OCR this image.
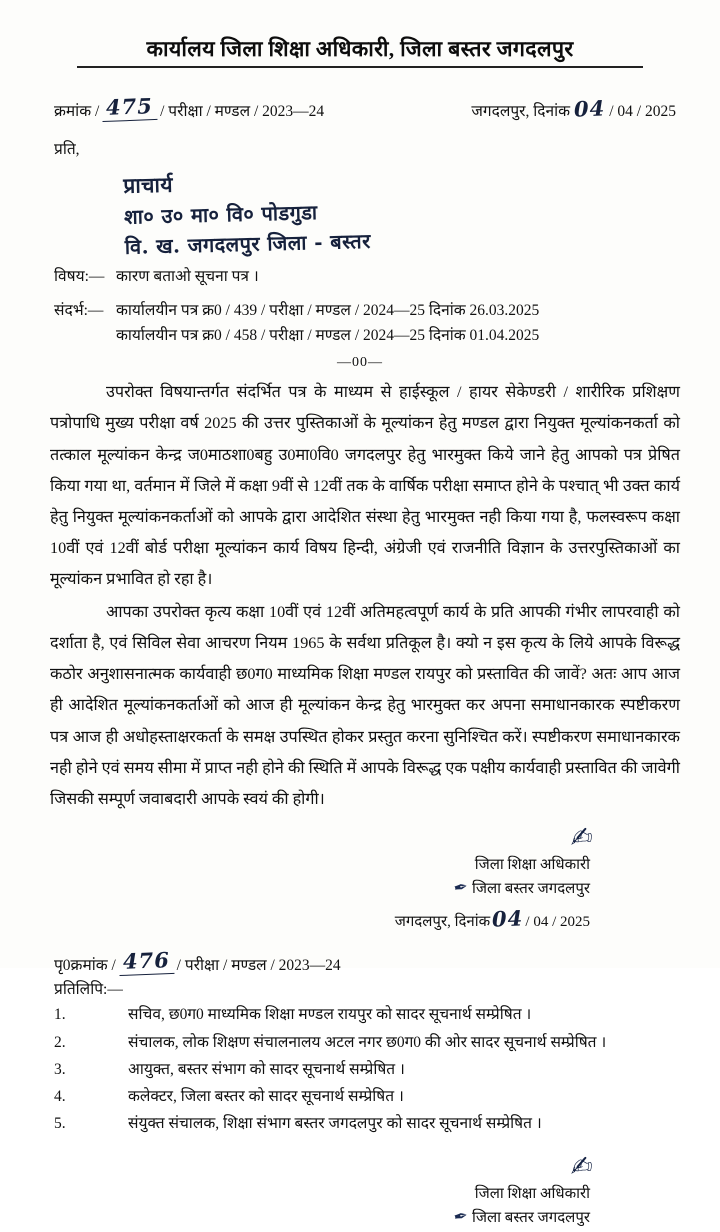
कार्यालय जिला शिक्षा अधिकारी, जिला बस्तर जगदलपुर
क्रमांक / 475 / परीक्षा / मण्डल / 2023—24	जगदलपुर, दिनांक 04 / 04 / 2025
प्रति,
प्राचार्य
शा० उ० मा० वि० पोडगुडा
वि. ख. जगदलपुर जिला - बस्तर
विषय:— कारण बताओ सूचना पत्र ।
संदर्भ:— कार्यालयीन पत्र क्र0 / 439 / परीक्षा / मण्डल / 2024—25 दिनांक 26.03.2025
कार्यालयीन पत्र क्र0 / 458 / परीक्षा / मण्डल / 2024—25 दिनांक 01.04.2025
—00—

उपरोक्त विषयान्तर्गत संदर्भित पत्र के माध्यम से हाईस्कूल / हायर सेकेण्डरी / शारीरिक प्रशिक्षण पत्रोपाधि मुख्य परीक्षा वर्ष 2025 की उत्तर पुस्तिकाओं के मूल्यांकन हेतु मण्डल द्वारा नियुक्त मूल्यांकनकर्ता को तत्काल मूल्यांकन केन्द्र ज0माठशा0बहु उ0मा0वि0 जगदलपुर हेतु भारमुक्त किये जाने हेतु आपको पत्र प्रेषित किया गया था, वर्तमान में जिले में कक्षा 9वीं से 12वीं तक के वार्षिक परीक्षा समाप्त होने के पश्चात् भी उक्त कार्य हेतु नियुक्त मूल्यांकनकर्ताओं को आपके द्वारा आदेशित संस्था हेतु भारमुक्त नही किया गया है, फलस्वरूप कक्षा 10वीं एवं 12वीं बोर्ड परीक्षा मूल्यांकन कार्य विषय हिन्दी, अंग्रेजी एवं राजनीति विज्ञान के उत्तरपुस्तिकाओं का मूल्यांकन प्रभावित हो रहा है।

आपका उपरोक्त कृत्य कक्षा 10वीं एवं 12वीं अतिमहत्वपूर्ण कार्य के प्रति आपकी गंभीर लापरवाही को दर्शाता है, एवं सिविल सेवा आचरण नियम 1965 के सर्वथा प्रतिकूल है। क्यो न इस कृत्य के लिये आपके विरूद्ध कठोर अनुशासनात्मक कार्यवाही छ0ग0 माध्यमिक शिक्षा मण्डल रायपुर को प्रस्तावित की जावें? अतः आप आज ही आदेशित मूल्यांकनकर्ताओं को आज ही मूल्यांकन केन्द्र हेतु भारमुक्त कर अपना समाधानकारक स्पष्टीकरण पत्र आज ही अधोहस्ताक्षरकर्ता के समक्ष उपस्थित होकर प्रस्तुत करना सुनिश्चित करें। स्पष्टीकरण समाधानकारक नही होने एवं समय सीमा में प्राप्त नही होने की स्थिति में आपके विरूद्ध एक पक्षीय कार्यवाही प्रस्तावित की जावेगी जिसकी सम्पूर्ण जवाबदारी आपके स्वयं की होगी।

✍
जिला शिक्षा अधिकारी
✒ जिला बस्तर जगदलपुर
जगदलपुर, दिनांक04 / 04 / 2025
पृ0क्रमांक / 476 / परीक्षा / मण्डल / 2023—24
प्रतिलिपि:—
1.	सचिव, छ0ग0 माध्यमिक शिक्षा मण्डल रायपुर को सादर सूचनार्थ सम्प्रेषित ।
2.	संचालक, लोक शिक्षण संचालनालय अटल नगर छ0ग0 की ओर सादर सूचनार्थ सम्प्रेषित ।
3.	आयुक्त, बस्तर संभाग को सादर सूचनार्थ सम्प्रेषित ।
4.	कलेक्टर, जिला बस्तर को सादर सूचनार्थ सम्प्रेषित ।
5.	संयुक्त संचालक, शिक्षा संभाग बस्तर जगदलपुर को सादर सूचनार्थ सम्प्रेषित ।
✍
जिला शिक्षा अधिकारी
✒ जिला बस्तर जगदलपुर
